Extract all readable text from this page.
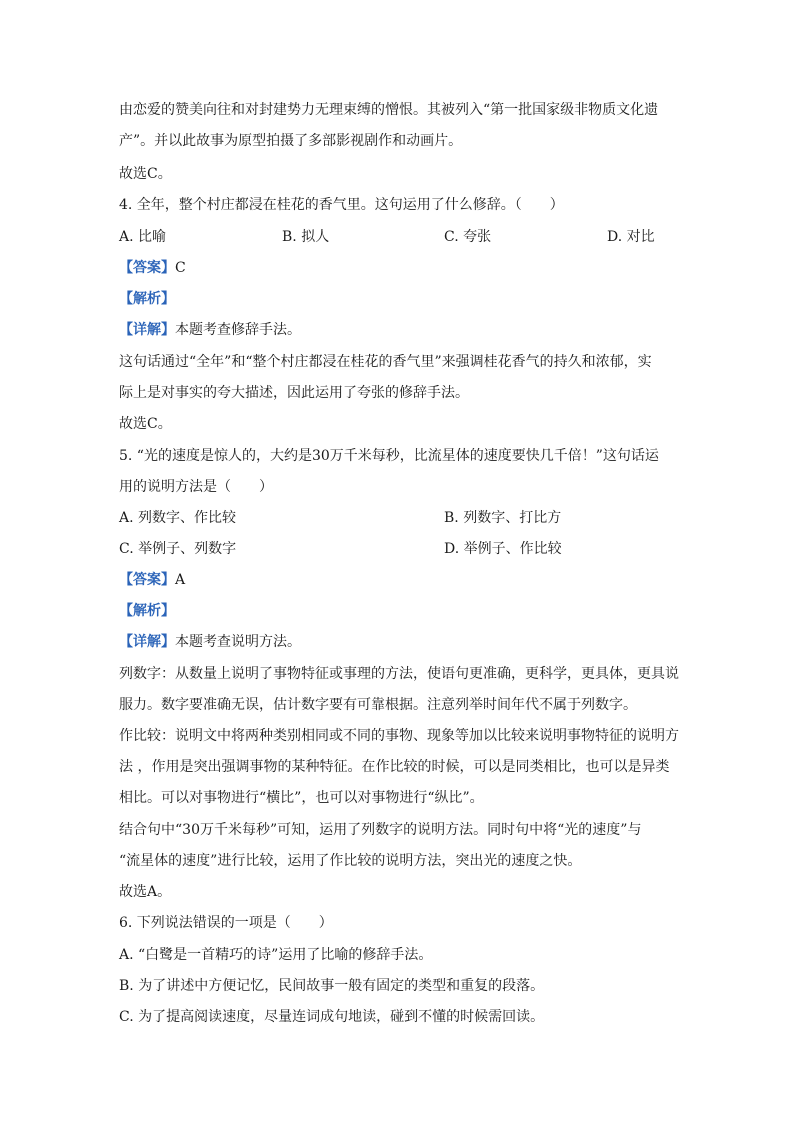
由恋爱的赞美向往和对封建势力无理束缚的憎恨。其被列入“第一批国家级非物质文化遗
产”。并以此故事为原型拍摄了多部影视剧作和动画片。
故选C。
4. 全年，整个村庄都浸在桂花的香气里。这句运用了什么修辞。（　　）
A. 比喻	B. 拟人	C. 夸张	D. 对比
【答案】C
【解析】
【详解】本题考查修辞手法。
这句话通过“全年”和“整个村庄都浸在桂花的香气里”来强调桂花香气的持久和浓郁，实
际上是对事实的夸大描述，因此运用了夸张的修辞手法。
故选C。
5. “光的速度是惊人的，大约是30万千米每秒，比流星体的速度要快几千倍！”这句话运
用的说明方法是（　　）
A. 列数字、作比较	B. 列数字、打比方
C. 举例子、列数字	D. 举例子、作比较
【答案】A
【解析】
【详解】本题考查说明方法。
列数字：从数量上说明了事物特征或事理的方法，使语句更准确，更科学，更具体，更具说
服力。数字要准确无误，估计数字要有可靠根据。注意列举时间年代不属于列数字。
作比较：说明文中将两种类别相同或不同的事物、现象等加以比较来说明事物特征的说明方
法 ，作用是突出强调事物的某种特征。在作比较的时候，可以是同类相比，也可以是异类
相比。可以对事物进行“横比”，也可以对事物进行“纵比”。
结合句中“30万千米每秒”可知，运用了列数字的说明方法。同时句中将“光的速度”与
“流星体的速度”进行比较，运用了作比较的说明方法，突出光的速度之快。
故选A。
6. 下列说法错误的一项是（　　）
A. “白鹭是一首精巧的诗”运用了比喻的修辞手法。
B. 为了讲述中方便记忆，民间故事一般有固定的类型和重复的段落。
C. 为了提高阅读速度，尽量连词成句地读，碰到不懂的时候需回读。
